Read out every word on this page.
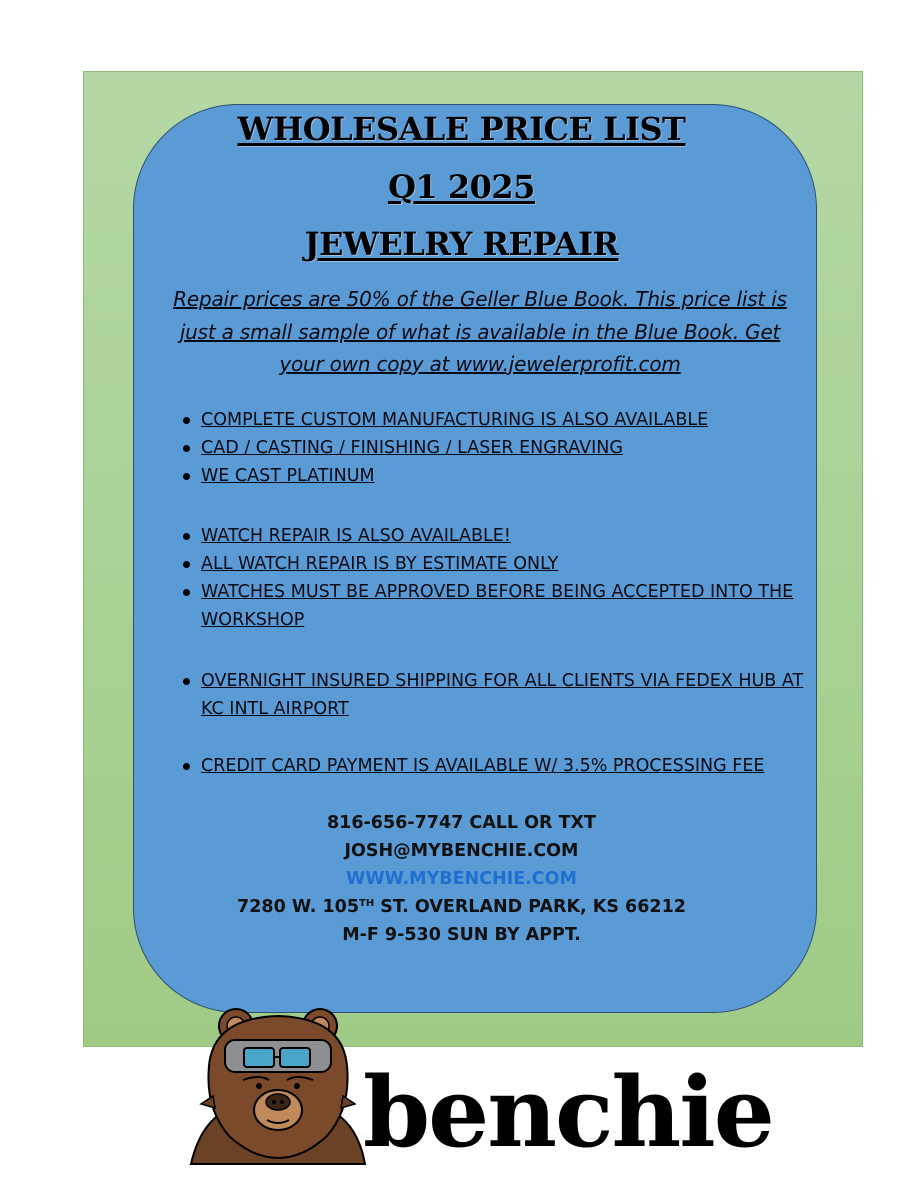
WHOLESALE PRICE LIST
Q1 2025
JEWELRY REPAIR

Repair prices are 50% of the Geller Blue Book. This price list is just a small sample of what is available in the Blue Book. Get your own copy at www.jewelerprofit.com

COMPLETE CUSTOM MANUFACTURING IS ALSO AVAILABLE
CAD / CASTING / FINISHING / LASER ENGRAVING
WE CAST PLATINUM
WATCH REPAIR IS ALSO AVAILABLE!
ALL WATCH REPAIR IS BY ESTIMATE ONLY
WATCHES MUST BE APPROVED BEFORE BEING ACCEPTED INTO THE WORKSHOP
OVERNIGHT INSURED SHIPPING FOR ALL CLIENTS VIA FEDEX HUB AT KC INTL AIRPORT
CREDIT CARD PAYMENT IS AVAILABLE W/ 3.5% PROCESSING FEE
816-656-7747 CALL OR TXT
JOSH@MYBENCHIE.COM
WWW.MYBENCHIE.COM
7280 W. 105TH ST. OVERLAND PARK, KS 66212
M-F 9-530 SUN BY APPT.
benchie
